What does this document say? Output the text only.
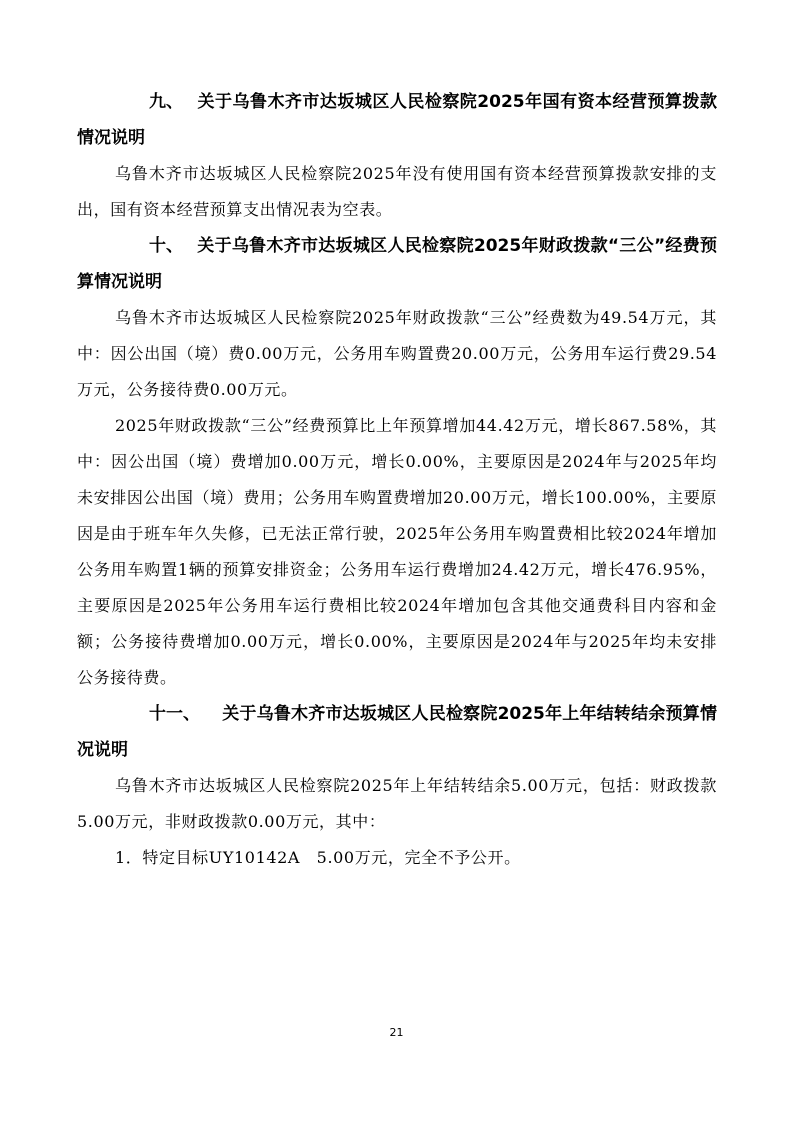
九、 关于乌鲁木齐市达坂城区人民检察院2025年国有资本经营预算拨款情况说明

乌鲁木齐市达坂城区人民检察院2025年没有使用国有资本经营预算拨款安排的支出，国有资本经营预算支出情况表为空表。

十、 关于乌鲁木齐市达坂城区人民检察院2025年财政拨款“三公”经费预算情况说明

乌鲁木齐市达坂城区人民检察院2025年财政拨款“三公”经费数为49.54万元，其中：因公出国（境）费0.00万元，公务用车购置费20.00万元，公务用车运行费29.54万元，公务接待费0.00万元。

2025年财政拨款“三公”经费预算比上年预算增加44.42万元，增长867.58%，其中：因公出国（境）费增加0.00万元，增长0.00%，主要原因是2024年与2025年均未安排因公出国（境）费用；公务用车购置费增加20.00万元，增长100.00%，主要原因是由于班车年久失修，已无法正常行驶，2025年公务用车购置费相比较2024年增加公务用车购置1辆的预算安排资金；公务用车运行费增加24.42万元，增长476.95%，主要原因是2025年公务用车运行费相比较2024年增加包含其他交通费科目内容和金额；公务接待费增加0.00万元，增长0.00%，主要原因是2024年与2025年均未安排公务接待费。

十一、 关于乌鲁木齐市达坂城区人民检察院2025年上年结转结余预算情况说明

乌鲁木齐市达坂城区人民检察院2025年上年结转结余5.00万元，包括：财政拨款5.00万元，非财政拨款0.00万元，其中：

1．特定目标UY10142A　5.00万元，完全不予公开。

21
